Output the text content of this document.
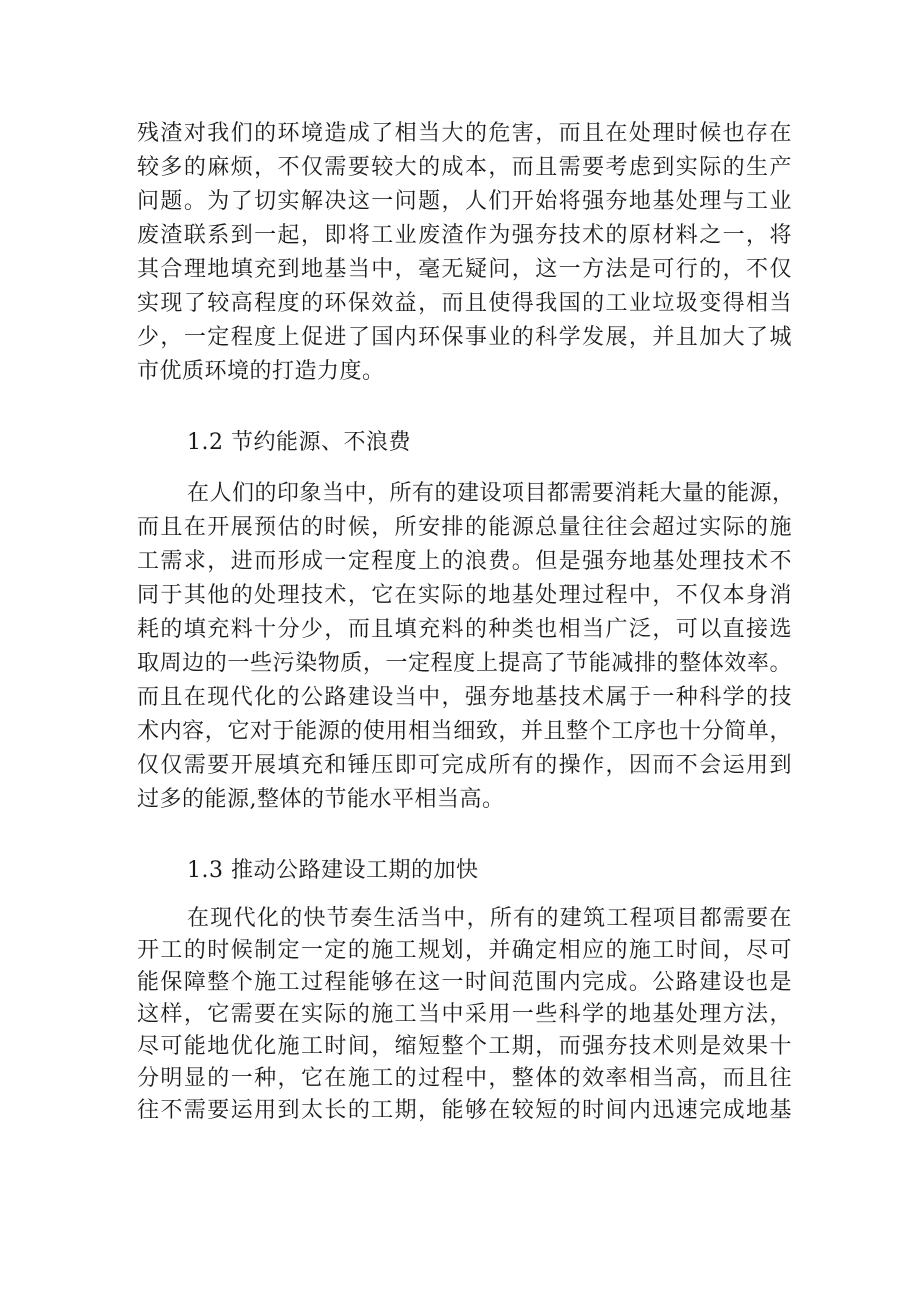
残渣对我们的环境造成了相当大的危害，而且在处理时候也存在
较多的麻烦，不仅需要较大的成本，而且需要考虑到实际的生产
问题。为了切实解决这一问题，人们开始将强夯地基处理与工业
废渣联系到一起，即将工业废渣作为强夯技术的原材料之一，将
其合理地填充到地基当中，毫无疑问，这一方法是可行的，不仅
实现了较高程度的环保效益，而且使得我国的工业垃圾变得相当
少，一定程度上促进了国内环保事业的科学发展，并且加大了城
市优质环境的打造力度。
1.2 节约能源、不浪费
在人们的印象当中，所有的建设项目都需要消耗大量的能源，
而且在开展预估的时候，所安排的能源总量往往会超过实际的施
工需求，进而形成一定程度上的浪费。但是强夯地基处理技术不
同于其他的处理技术，它在实际的地基处理过程中，不仅本身消
耗的填充料十分少，而且填充料的种类也相当广泛，可以直接选
取周边的一些污染物质，一定程度上提高了节能减排的整体效率。
而且在现代化的公路建设当中，强夯地基技术属于一种科学的技
术内容，它对于能源的使用相当细致，并且整个工序也十分简单，
仅仅需要开展填充和锤压即可完成所有的操作，因而不会运用到
过多的能源,整体的节能水平相当高。
1.3 推动公路建设工期的加快
在现代化的快节奏生活当中，所有的建筑工程项目都需要在
开工的时候制定一定的施工规划，并确定相应的施工时间，尽可
能保障整个施工过程能够在这一时间范围内完成。公路建设也是
这样，它需要在实际的施工当中采用一些科学的地基处理方法，
尽可能地优化施工时间，缩短整个工期，而强夯技术则是效果十
分明显的一种，它在施工的过程中，整体的效率相当高，而且往
往不需要运用到太长的工期，能够在较短的时间内迅速完成地基
